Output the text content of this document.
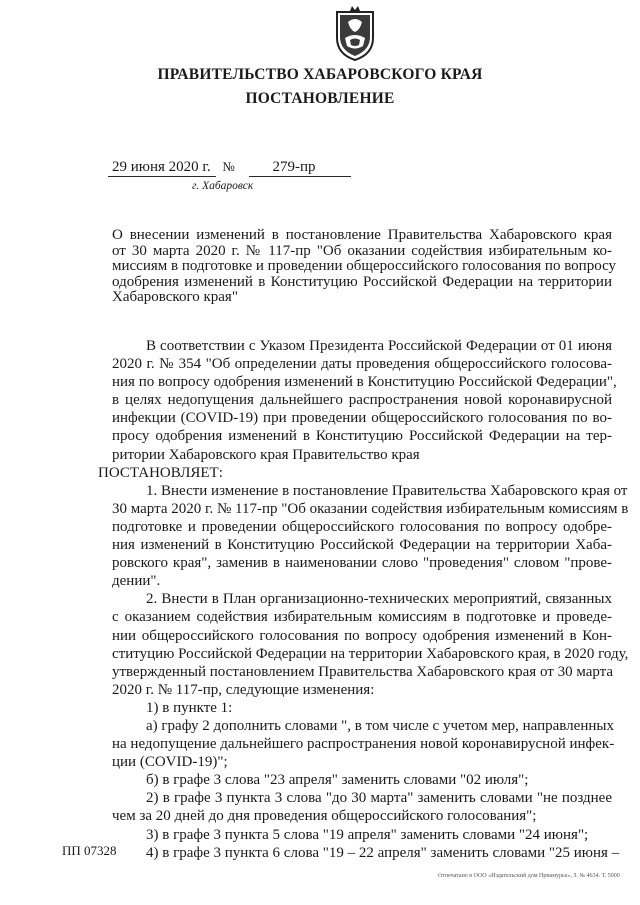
ПРАВИТЕЛЬСТВО ХАБАРОВСКОГО КРАЯ
ПОСТАНОВЛЕНИЕ
29 июня 2020 г. №	279-пр
г. Хабаровск
О внесении изменений в постановление Правительства Хабаровского края
от 30 марта 2020 г. № 117-пр "Об оказании содействия избирательным ко-
миссиям в подготовке и проведении общероссийского голосования по вопросу
одобрения изменений в Конституцию Российской Федерации на территории
Хабаровского края"
В соответствии с Указом Президента Российской Федерации от 01 июня
2020 г. № 354 "Об определении даты проведения общероссийского голосова-
ния по вопросу одобрения изменений в Конституцию Российской Федерации",
в целях недопущения дальнейшего распространения новой коронавирусной
инфекции (COVID-19) при проведении общероссийского голосования по во-
просу одобрения изменений в Конституцию Российской Федерации на тер-
ритории Хабаровского края Правительство края
ПОСТАНОВЛЯЕТ:
1. Внести изменение в постановление Правительства Хабаровского края от
30 марта 2020 г. № 117-пр "Об оказании содействия избирательным комиссиям в
подготовке и проведении общероссийского голосования по вопросу одобре-
ния изменений в Конституцию Российской Федерации на территории Хаба-
ровского края", заменив в наименовании слово "проведения" словом "прове-
дении".
2. Внести в План организационно-технических мероприятий, связанных
с оказанием содействия избирательным комиссиям в подготовке и проведе-
нии общероссийского голосования по вопросу одобрения изменений в Кон-
ституцию Российской Федерации на территории Хабаровского края, в 2020 году,
утвержденный постановлением Правительства Хабаровского края от 30 марта
2020 г. № 117-пр, следующие изменения:
1) в пункте 1:
а) графу 2 дополнить словами ", в том числе с учетом мер, направленных
на недопущение дальнейшего распространения новой коронавирусной инфек-
ции (COVID-19)";
б) в графе 3 слова "23 апреля" заменить словами "02 июля";
2) в графе 3 пункта 3 слова "до 30 марта" заменить словами "не позднее
чем за 20 дней до дня проведения общероссийского голосования";
3) в графе 3 пункта 5 слова "19 апреля" заменить словами "24 июня";
4) в графе 3 пункта 6 слова "19 – 22 апреля" заменить словами "25 июня –
ПП 07328
Отпечатано в ООО «Издательский дом Приамурье», З. № 4634. Т. 5000
